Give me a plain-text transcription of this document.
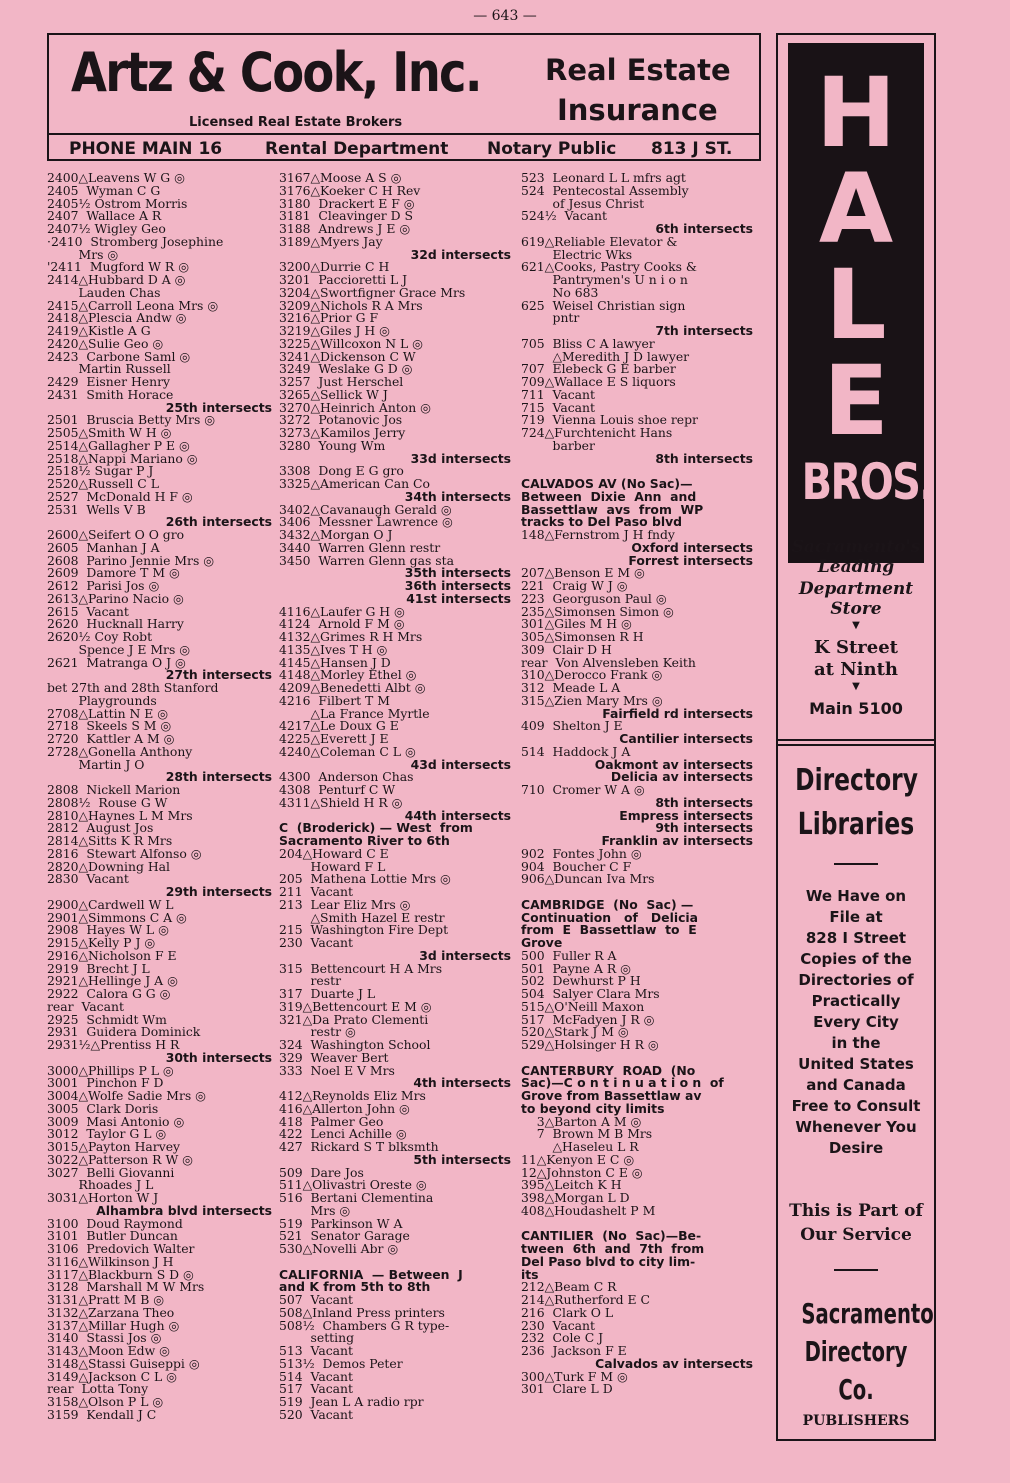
— 643 —
Artz & Cook, Inc.
Licensed Real Estate Brokers
Real Estate
Insurance
PHONE MAIN 16	Rental Department Notary Public 813 J ST.
2400△Leavens W G ◎
2405  Wyman C G
2405½ Ostrom Morris
2407  Wallace A R
2407½ Wigley Geo
·2410  Stromberg Josephine
Mrs ◎
'2411  Mugford W R ◎
2414△Hubbard D A ◎
Lauden Chas
2415△Carroll Leona Mrs ◎
2418△Plescia Andw ◎
2419△Kistle A G
2420△Sulie Geo ◎
2423  Carbone Saml ◎
Martin Russell
2429  Eisner Henry
2431  Smith Horace
25th intersects
2501  Bruscia Betty Mrs ◎
2505△Smith W H ◎
2514△Gallagher P E ◎
2518△Nappi Mariano ◎
2518½ Sugar P J
2520△Russell C L
2527  McDonald H F ◎
2531  Wells V B
26th intersects
2600△Seifert O O gro
2605  Manhan J A
2608  Parino Jennie Mrs ◎
2609  Damore T M ◎
2612  Parisi Jos ◎
2613△Parino Nacio ◎
2615  Vacant
2620  Hucknall Harry
2620½ Coy Robt
Spence J E Mrs ◎
2621  Matranga O J ◎
27th intersects
bet 27th and 28th Stanford
Playgrounds
2708△Lattin N E ◎
2718  Skeels S M ◎
2720  Kattler A M ◎
2728△Gonella Anthony
Martin J O
28th intersects
2808  Nickell Marion
2808½  Rouse G W
2810△Haynes L M Mrs
2812  August Jos
2814△Sitts K R Mrs
2816  Stewart Alfonso ◎
2820△Downing Hal
2830  Vacant
29th intersects
2900△Cardwell W L
2901△Simmons C A ◎
2908  Hayes W L ◎
2915△Kelly P J ◎
2916△Nicholson F E
2919  Brecht J L
2921△Hellinge J A ◎
2922  Calora G G ◎
rear  Vacant
2925  Schmidt Wm
2931  Guidera Dominick
2931½△Prentiss H R
30th intersects
3000△Phillips P L ◎
3001  Pinchon F D
3004△Wolfe Sadie Mrs ◎
3005  Clark Doris
3009  Masi Antonio ◎
3012  Taylor G L ◎
3015△Payton Harvey
3022△Patterson R W ◎
3027  Belli Giovanni
Rhoades J L
3031△Horton W J
Alhambra blvd intersects
3100  Doud Raymond
3101  Butler Duncan
3106  Predovich Walter
3116△Wilkinson J H
3117△Blackburn S D ◎
3128  Marshall M W Mrs
3131△Pratt M B ◎
3132△Zarzana Theo
3137△Millar Hugh ◎
3140  Stassi Jos ◎
3143△Moon Edw ◎
3148△Stassi Guiseppi ◎
3149△Jackson C L ◎
rear  Lotta Tony
3158△Olson P L ◎
3159  Kendall J C
3167△Moose A S ◎
3176△Koeker C H Rev
3180  Drackert E F ◎
3181  Cleavinger D S
3188  Andrews J E ◎
3189△Myers Jay
32d intersects
3200△Durrie C H
3201  Paccioretti L J
3204△Swortfigner Grace Mrs
3209△Nichols R A Mrs
3216△Prior G F
3219△Giles J H ◎
3225△Willcoxon N L ◎
3241△Dickenson C W
3249  Weslake G D ◎
3257  Just Herschel
3265△Sellick W J
3270△Heinrich Anton ◎
3272  Potanovic Jos
3273△Kamilos Jerry
3280  Young Wm
33d intersects
3308  Dong E G gro
3325△American Can Co
34th intersects
3402△Cavanaugh Gerald ◎
3406  Messner Lawrence ◎
3432△Morgan O J
3440  Warren Glenn restr
3450  Warren Glenn gas sta
35th intersects
36th intersects
41st intersects
4116△Laufer G H ◎
4124  Arnold F M ◎
4132△Grimes R H Mrs
4135△Ives T H ◎
4145△Hansen J D
4148△Morley Ethel ◎
4209△Benedetti Albt ◎
4216  Filbert T M
△La France Myrtle
4217△Le Doux G E
4225△Everett J E
4240△Coleman C L ◎
43d intersects
4300  Anderson Chas
4308  Penturf C W
4311△Shield H R ◎
44th intersects
C  (Broderick) — West  from
Sacramento River to 6th
204△Howard C E
Howard F L
205  Mathena Lottie Mrs ◎
211  Vacant
213  Lear Eliz Mrs ◎
△Smith Hazel E restr
215  Washington Fire Dept
230  Vacant
3d intersects
315  Bettencourt H A Mrs
restr
317  Duarte J L
319△Bettencourt E M ◎
321△Da Prato Clementi
restr ◎
324  Washington School
329  Weaver Bert
333  Noel E V Mrs
4th intersects
412△Reynolds Eliz Mrs
416△Allerton John ◎
418  Palmer Geo
422  Lenci Achille ◎
427  Rickard S T blksmth
5th intersects
509  Dare Jos
511△Olivastri Oreste ◎
516  Bertani Clementina
Mrs ◎
519  Parkinson W A
521  Senator Garage
530△Novelli Abr ◎
CALIFORNIA  — Between  J
and K from 5th to 8th
507  Vacant
508△Inland Press printers
508½  Chambers G R type-
setting
513  Vacant
513½  Demos Peter
514  Vacant
517  Vacant
519  Jean L A radio rpr
520  Vacant
523  Leonard L L mfrs agt
524  Pentecostal Assembly
of Jesus Christ
524½  Vacant
6th intersects
619△Reliable Elevator &
Electric Wks
621△Cooks, Pastry Cooks &
Pantrymen's U n i o n
No 683
625  Weisel Christian sign
pntr
7th intersects
705  Bliss C A lawyer
△Meredith J D lawyer
707  Elebeck G E barber
709△Wallace E S liquors
711  Vacant
715  Vacant
719  Vienna Louis shoe repr
724△Furchtenicht Hans
barber
8th intersects
CALVADOS AV (No Sac)—
Between  Dixie  Ann  and
Bassettlaw  avs  from  WP
tracks to Del Paso blvd
148△Fernstrom J H fndy
Oxford intersects
Forrest intersects
207△Benson E M ◎
221  Craig W J ◎
223  Georguson Paul ◎
235△Simonsen Simon ◎
301△Giles M H ◎
305△Simonsen R H
309  Clair D H
rear  Von Alvensleben Keith
310△Derocco Frank ◎
312  Meade L A
315△Zien Mary Mrs ◎
Fairfield rd intersects
409  Shelton J E
Cantilier intersects
514  Haddock J A
Oakmont av intersects
Delicia av intersects
710  Cromer W A ◎
8th intersects
Empress intersects
9th intersects
Franklin av intersects
902  Fontes John ◎
904  Boucher C F
906△Duncan Iva Mrs
CAMBRIDGE  (No  Sac) —
Continuation   of   Delicia
from  E  Bassettlaw  to  E
Grove
500  Fuller R A
501  Payne A R ◎
502  Dewhurst P H
504  Salyer Clara Mrs
515△O'Neill Maxon
517  McFadyen J R ◎
520△Stark J M ◎
529△Holsinger H R ◎
CANTERBURY  ROAD  (No
Sac)—C o n t i n u a t i o n  of
Grove from Bassettlaw av
to beyond city limits
3△Barton A M ◎
7  Brown M B Mrs
△Haseleu L R
11△Kenyon E C ◎
12△Johnston C E ◎
395△Leitch K H
398△Morgan L D
408△Houdashelt P M
CANTILIER  (No  Sac)—Be-
tween  6th  and  7th  from
Del Paso blvd to city lim-
its
212△Beam C R
214△Rutherford E C
216  Clark O L
230  Vacant
232  Cole C J
236  Jackson F E
Calvados av intersects
300△Turk F M ◎
301  Clare L D
H
A
L
E
BROS.
Sacramento's
Leading
Department
Store
▼
K Street
at Ninth
▼
Main 5100
Directory
Libraries
We Have on
File at
828 I Street
Copies of the
Directories of
Practically
Every City
in the
United States
and Canada
Free to Consult
Whenever You
Desire
This is Part of
Our Service
Sacramento
Directory
Co.
PUBLISHERS
